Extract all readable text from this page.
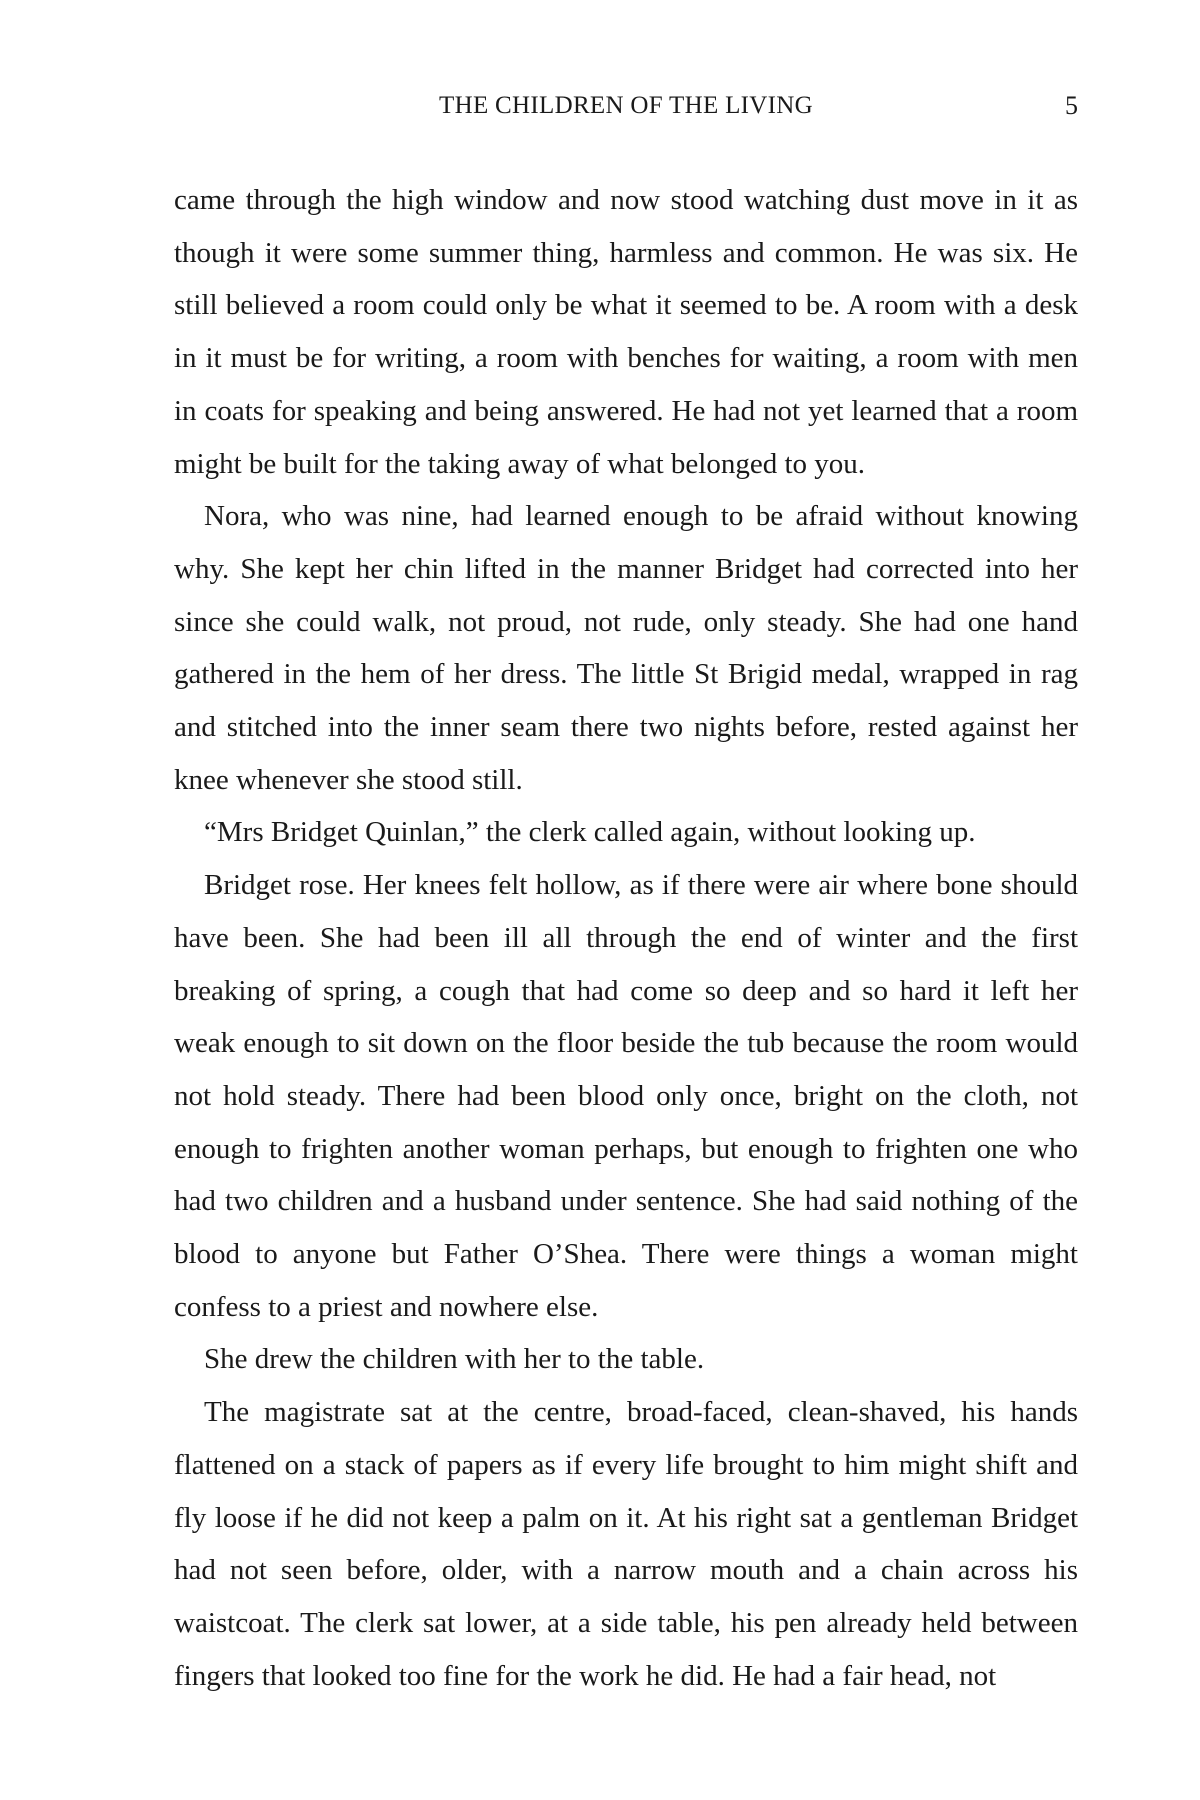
THE CHILDREN OF THE LIVING	5

came through the high window and now stood watching dust move in it as though it were some summer thing, harmless and common. He was six. He still believed a room could only be what it seemed to be. A room with a desk in it must be for writing, a room with benches for waiting, a room with men in coats for speaking and being answered. He had not yet learned that a room might be built for the taking away of what belonged to you.

Nora, who was nine, had learned enough to be afraid without knowing why. She kept her chin lifted in the manner Bridget had corrected into her since she could walk, not proud, not rude, only steady. She had one hand gathered in the hem of her dress. The little St Brigid medal, wrapped in rag and stitched into the inner seam there two nights before, rested against her knee whenever she stood still.

“Mrs Bridget Quinlan,” the clerk called again, without looking up.

Bridget rose. Her knees felt hollow, as if there were air where bone should have been. She had been ill all through the end of winter and the first breaking of spring, a cough that had come so deep and so hard it left her weak enough to sit down on the floor beside the tub because the room would not hold steady. There had been blood only once, bright on the cloth, not enough to frighten another woman perhaps, but enough to frighten one who had two children and a husband under sentence. She had said nothing of the blood to anyone but Father O’Shea. There were things a woman might confess to a priest and nowhere else.

She drew the children with her to the table.

The magistrate sat at the centre, broad-faced, clean-shaved, his hands flattened on a stack of papers as if every life brought to him might shift and fly loose if he did not keep a palm on it. At his right sat a gentleman Bridget had not seen before, older, with a narrow mouth and a chain across his waistcoat. The clerk sat lower, at a side table, his pen already held between fingers that looked too fine for the work he did. He had a fair head, not
